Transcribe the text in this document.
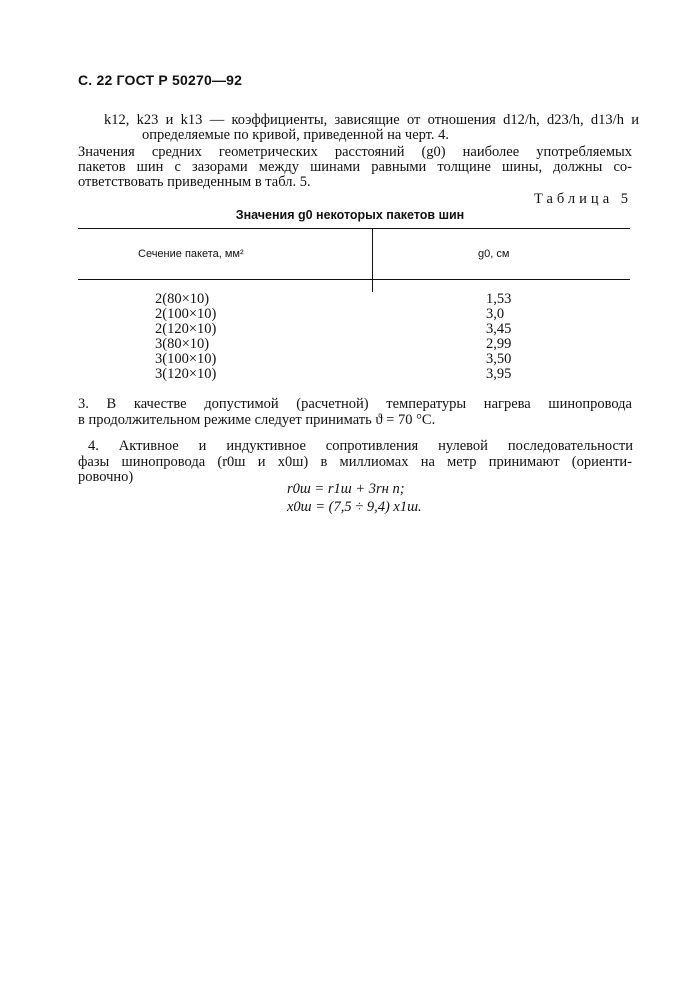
С. 22 ГОСТ Р 50270—92
k12, k23 и k13 — коэффициенты, зависящие от отношения d12/h, d23/h, d13/h и
определяемые по кривой, приведенной на черт. 4.
Значения средних геометрических расстояний (g0) наиболее употребляемых
пакетов шин с зазорами между шинами равными толщине шины, должны со-
ответствовать приведенным в табл. 5.
Таблица 5
Значения g0 некоторых пакетов шин
Сечение пакета, мм²	g0, см
2(80×10)
2(100×10)
2(120×10)
3(80×10)
3(100×10)
3(120×10)
1,53
3,0
3,45
2,99
3,50
3,95
3. В качестве допустимой (расчетной) температуры нагрева шинопровода
в продолжительном режиме следует принимать ϑ = 70 °С.
4. Активное и индуктивное сопротивления нулевой последовательности
фазы шинопровода (r0ш и x0ш) в миллиомах на метр принимают (ориенти-
ровочно)
r0ш = r1ш + 3rн п;
x0ш = (7,5 ÷ 9,4) x1ш.
